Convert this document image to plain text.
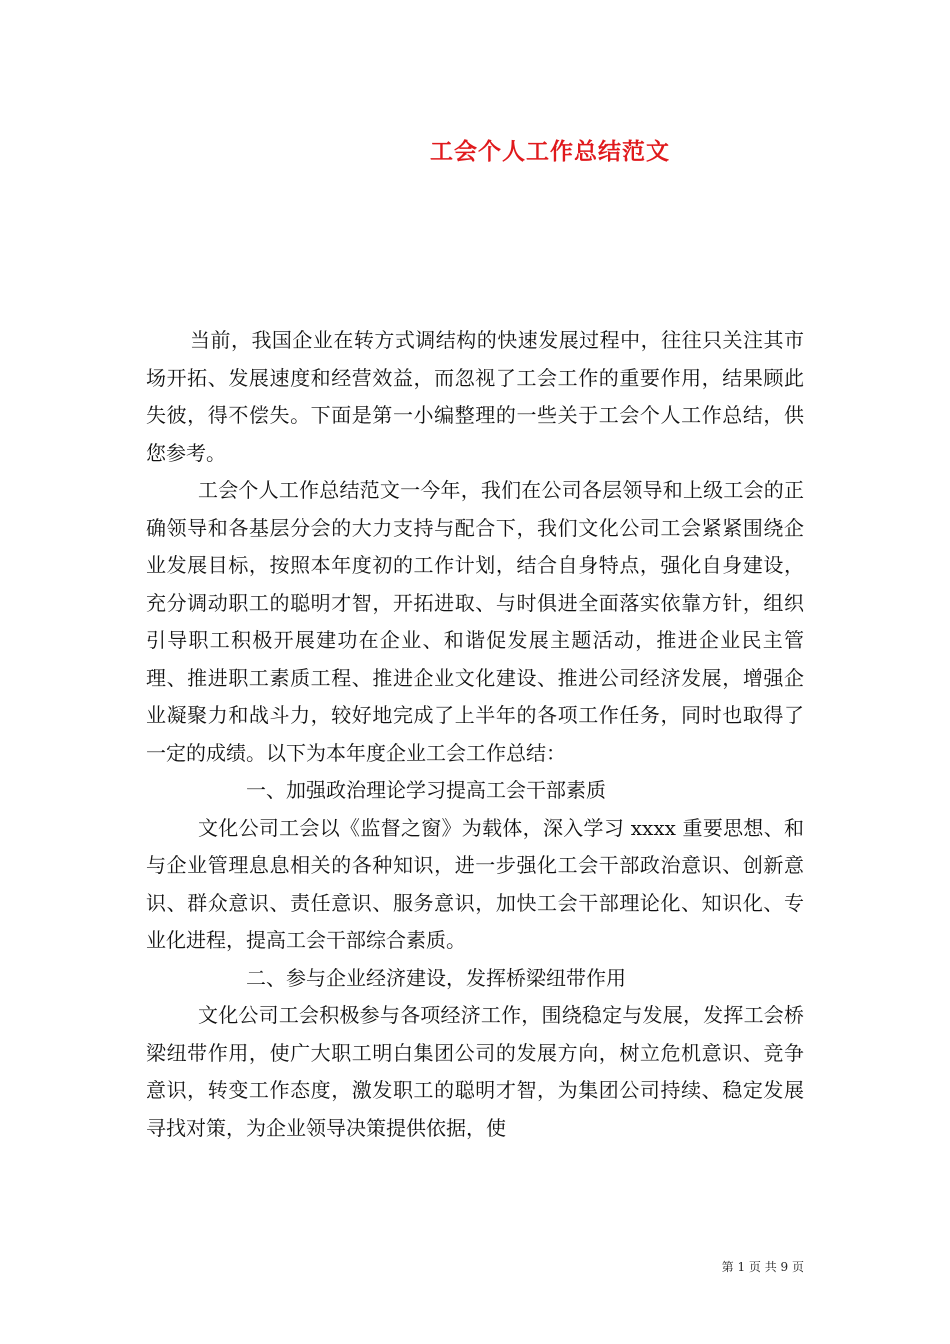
工会个人工作总结范文

当前，我国企业在转方式调结构的快速发展过程中，往往只关注其市场开拓、发展速度和经营效益，而忽视了工会工作的重要作用，结果顾此失彼，得不偿失。下面是第一小编整理的一些关于工会个人工作总结，供您参考。

工会个人工作总结范文一今年，我们在公司各层领导和上级工会的正确领导和各基层分会的大力支持与配合下，我们文化公司工会紧紧围绕企业发展目标，按照本年度初的工作计划，结合自身特点，强化自身建设，充分调动职工的聪明才智，开拓进取、与时俱进全面落实依靠方针，组织引导职工积极开展建功在企业、和谐促发展主题活动，推进企业民主管理、推进职工素质工程、推进企业文化建设、推进公司经济发展，增强企业凝聚力和战斗力，较好地完成了上半年的各项工作任务，同时也取得了一定的成绩。以下为本年度企业工会工作总结：

一、加强政治理论学习提高工会干部素质

文化公司工会以《监督之窗》为载体，深入学习 xxxx 重要思想、和与企业管理息息相关的各种知识，进一步强化工会干部政治意识、创新意识、群众意识、责任意识、服务意识，加快工会干部理论化、知识化、专业化进程，提高工会干部综合素质。

二、参与企业经济建设，发挥桥梁纽带作用

文化公司工会积极参与各项经济工作，围绕稳定与发展，发挥工会桥梁纽带作用，使广大职工明白集团公司的发展方向，树立危机意识、竞争意识，转变工作态度，激发职工的聪明才智，为集团公司持续、稳定发展寻找对策，为企业领导决策提供依据，使

第 1 页 共 9 页
